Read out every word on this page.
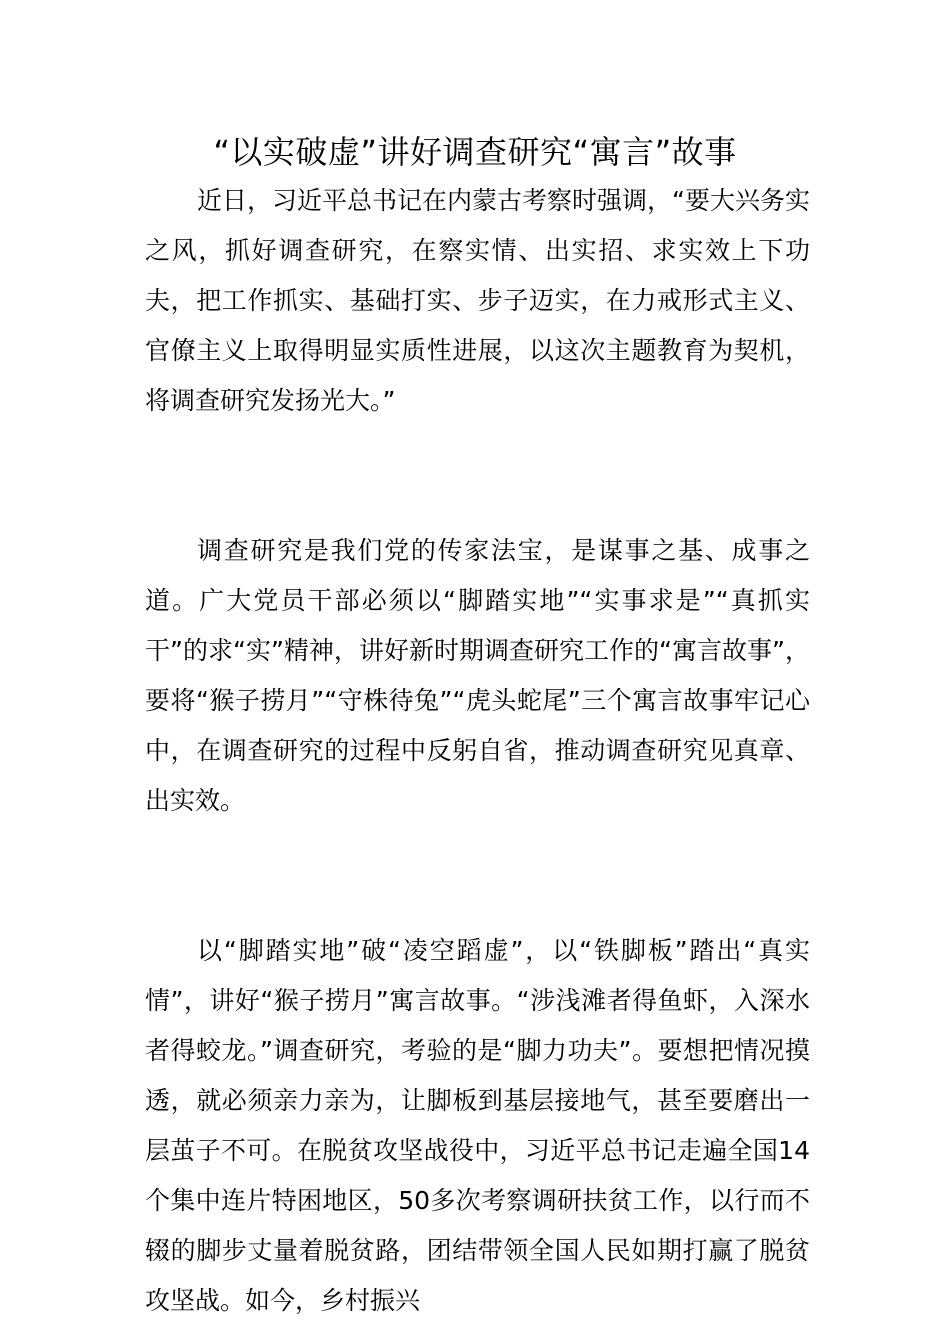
“以实破虚”讲好调查研究“寓言”故事

近日，习近平总书记在内蒙古考察时强调，“要大兴务实之风，抓好调查研究，在察实情、出实招、求实效上下功夫，把工作抓实、基础打实、步子迈实，在力戒形式主义、官僚主义上取得明显实质性进展，以这次主题教育为契机，将调查研究发扬光大。”

调查研究是我们党的传家法宝，是谋事之基、成事之道。广大党员干部必须以“脚踏实地”“实事求是”“真抓实干”的求“实”精神，讲好新时期调查研究工作的“寓言故事”，要将“猴子捞月”“守株待兔”“虎头蛇尾”三个寓言故事牢记心中，在调查研究的过程中反躬自省，推动调查研究见真章、出实效。

以“脚踏实地”破“凌空蹈虚”，以“铁脚板”踏出“真实情”，讲好“猴子捞月”寓言故事。“涉浅滩者得鱼虾，入深水者得蛟龙。”调查研究，考验的是“脚力功夫”。要想把情况摸透，就必须亲力亲为，让脚板到基层接地气，甚至要磨出一层茧子不可。在脱贫攻坚战役中，习近平总书记走遍全国14个集中连片特困地区，50多次考察调研扶贫工作，以行而不辍的脚步丈量着脱贫路，团结带领全国人民如期打赢了脱贫攻坚战。如今，乡村振兴
